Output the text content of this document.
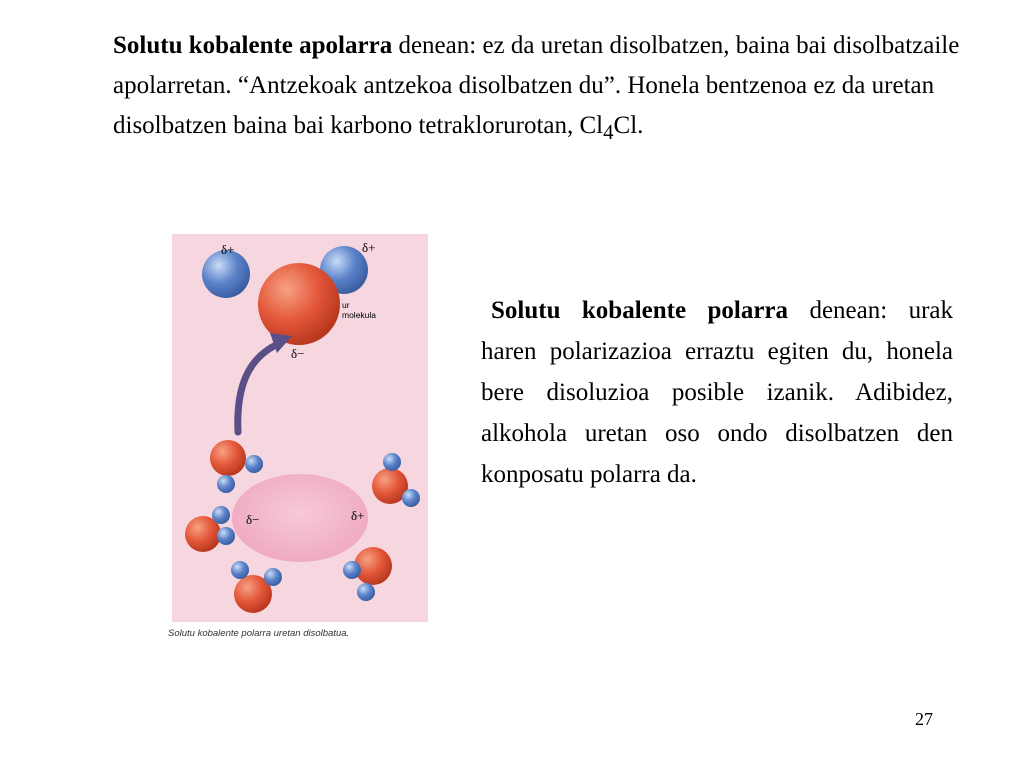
Solutu kobalente apolarra denean: ez da uretan disolbatzen, baina bai disolbatzaile apolarretan. “Antzekoak antzekoa disolbatzen du”. Honela bentzenoa ez da uretan disolbatzen baina bai karbono tetraklorurotan, $Cl_4Cl$.

δ+	δ+
δ−
ur
molekula
δ−	δ+
Solutu kobalente polarra uretan disolbatua.

Solutu kobalente polarra denean: urak haren polarizazioa erraztu egiten du, honela bere disoluzioa posible izanik. Adibidez, alkohola uretan oso ondo disolbatzen den konposatu polarra da.

27
